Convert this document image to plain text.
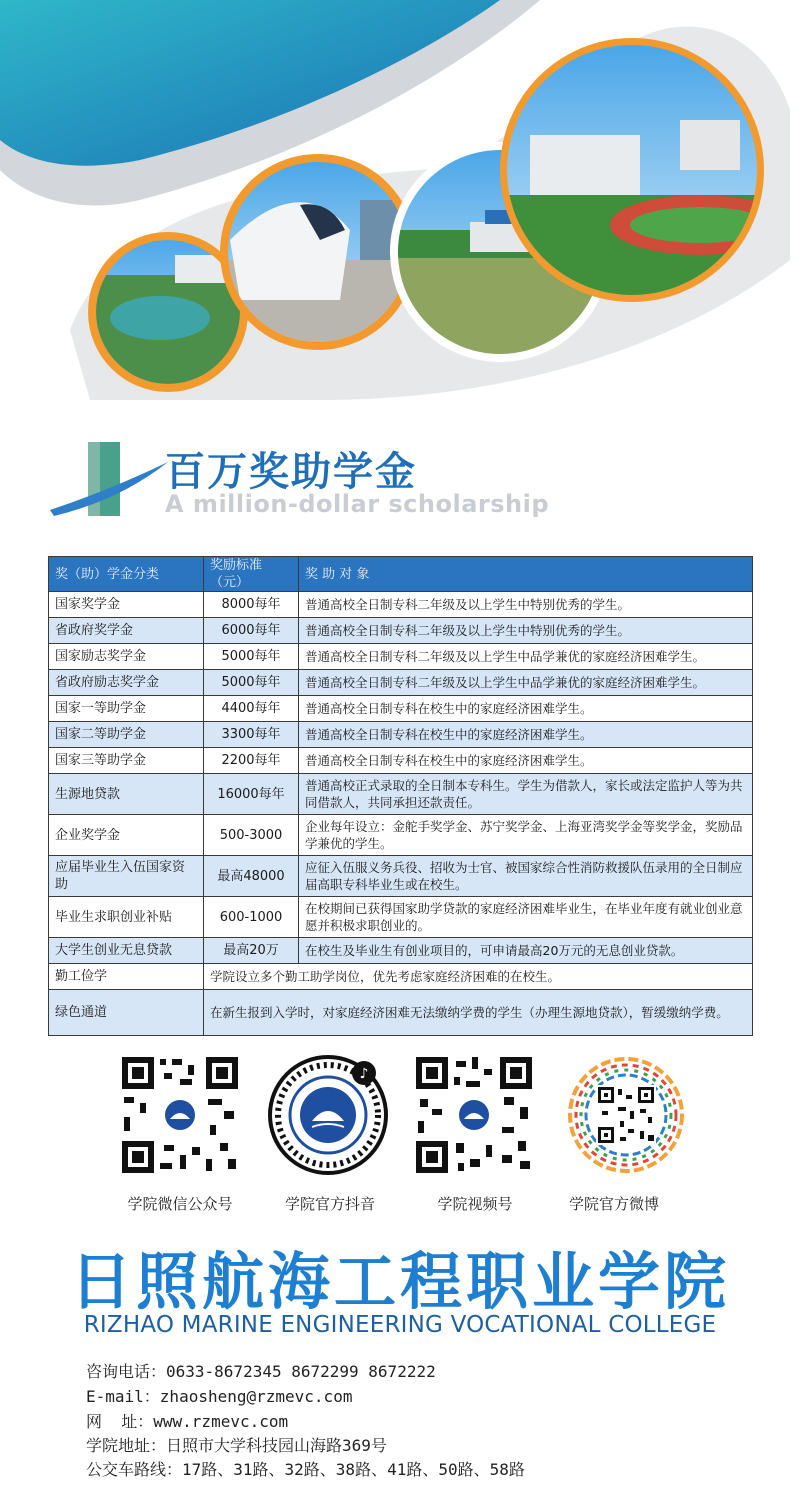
百万奖助学金
A million-dollar scholarship
奖（助）学金分类	奖励标准（元）	奖 助 对 象
国家奖学金	8000每年	普通高校全日制专科二年级及以上学生中特别优秀的学生。
省政府奖学金	6000每年	普通高校全日制专科二年级及以上学生中特别优秀的学生。
国家励志奖学金	5000每年	普通高校全日制专科二年级及以上学生中品学兼优的家庭经济困难学生。
省政府励志奖学金	5000每年	普通高校全日制专科二年级及以上学生中品学兼优的家庭经济困难学生。
国家一等助学金	4400每年	普通高校全日制专科在校生中的家庭经济困难学生。
国家二等助学金	3300每年	普通高校全日制专科在校生中的家庭经济困难学生。
国家三等助学金	2200每年	普通高校全日制专科在校生中的家庭经济困难学生。
生源地贷款	16000每年	普通高校正式录取的全日制本专科生。学生为借款人，家长或法定监护人等为共同借款人，共同承担还款责任。
企业奖学金	500-3000	企业每年设立：金舵手奖学金、苏宁奖学金、上海亚湾奖学金等奖学金，奖励品学兼优的学生。
应届毕业生入伍国家资助	最高48000	应征入伍服义务兵役、招收为士官、被国家综合性消防救援队伍录用的全日制应届高职专科毕业生或在校生。
毕业生求职创业补贴	600-1000	在校期间已获得国家助学贷款的家庭经济困难毕业生，在毕业年度有就业创业意愿并积极求职创业的。
大学生创业无息贷款	最高20万	在校生及毕业生有创业项目的，可申请最高20万元的无息创业贷款。
勤工俭学	学院设立多个勤工助学岗位，优先考虑家庭经济困难的在校生。	
绿色通道	在新生报到入学时，对家庭经济困难无法缴纳学费的学生（办理生源地贷款），暂缓缴纳学费。	
♪
学院微信公众号	学院官方抖音	学院视频号	学院官方微博
日照航海工程职业学院
RIZHAO MARINE ENGINEERING VOCATIONAL COLLEGE
咨询电话：0633-8672345 8672299 8672222
E-mail：zhaosheng@rzmevc.com
网  址：www.rzmevc.com
学院地址：日照市大学科技园山海路369号
公交车路线：17路、31路、32路、38路、41路、50路、58路
